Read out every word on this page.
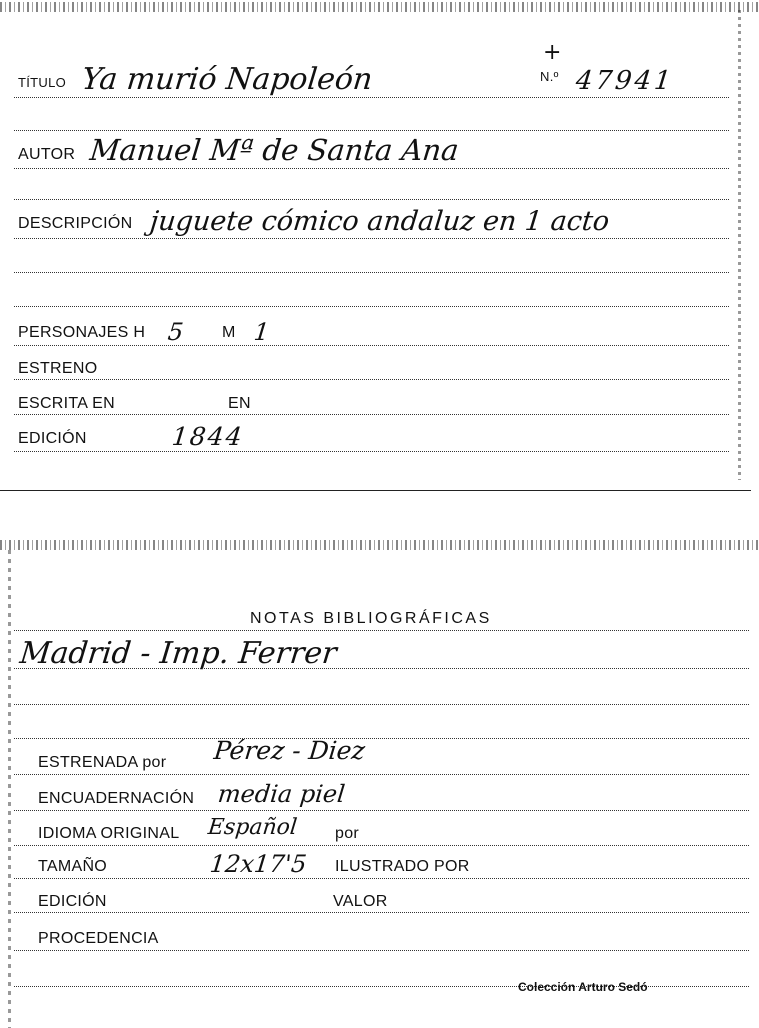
TÍTULO Ya murió Napoleón
+
N.º 47941
AUTOR Manuel Mª de Santa Ana
DESCRIPCIÓN juguete cómico andaluz en 1 acto
PERSONAJES H 5 M 1
ESTRENO
ESCRITA EN	EN
EDICIÓN	1844
NOTAS BIBLIOGRÁFICAS
Madrid - Imp. Ferrer
ESTRENADA por Pérez - Diez
ENCUADERNACIÓN media piel
IDIOMA ORIGINAL Español por
TAMAÑO	12x17'5 ILUSTRADO POR
EDICIÓN	VALOR
PROCEDENCIA
Colección Arturo Sedó
